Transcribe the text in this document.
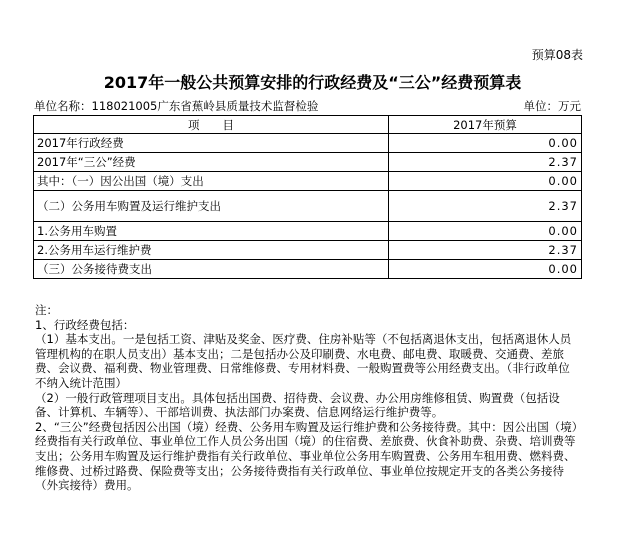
预算08表
2017年一般公共预算安排的行政经费及“三公”经费预算表
单位名称：118021005广东省蕉岭县质量技术监督检验	单位：万元
项　　目	2017年预算
2017年行政经费	0.00
2017年“三公”经费	2.37
其中：（一）因公出国（境）支出	0.00
（二）公务用车购置及运行维护支出	2.37
1.公务用车购置	0.00
2.公务用车运行维护费	2.37
（三）公务接待费支出	0.00

注：

1、行政经费包括：

（1）基本支出。一是包括工资、津贴及奖金、医疗费、住房补贴等（不包括离退休支出，包括离退休人员管理机构的在职人员支出）基本支出；二是包括办公及印刷费、水电费、邮电费、取暖费、交通费、差旅费、会议费、福利费、物业管理费、日常维修费、专用材料费、一般购置费等公用经费支出。（非行政单位不纳入统计范围）

（2）一般行政管理项目支出。具体包括出国费、招待费、会议费、办公用房维修租赁、购置费（包括设备、计算机、车辆等）、干部培训费、执法部门办案费、信息网络运行维护费等。

2、“三公”经费包括因公出国（境）经费、公务用车购置及运行维护费和公务接待费。其中：因公出国（境）经费指有关行政单位、事业单位工作人员公务出国（境）的住宿费、差旅费、伙食补助费、杂费、培训费等支出；公务用车购置及运行维护费指有关行政单位、事业单位公务用车购置费、公务用车租用费、燃料费、维修费、过桥过路费、保险费等支出；公务接待费指有关行政单位、事业单位按规定开支的各类公务接待（外宾接待）费用。
